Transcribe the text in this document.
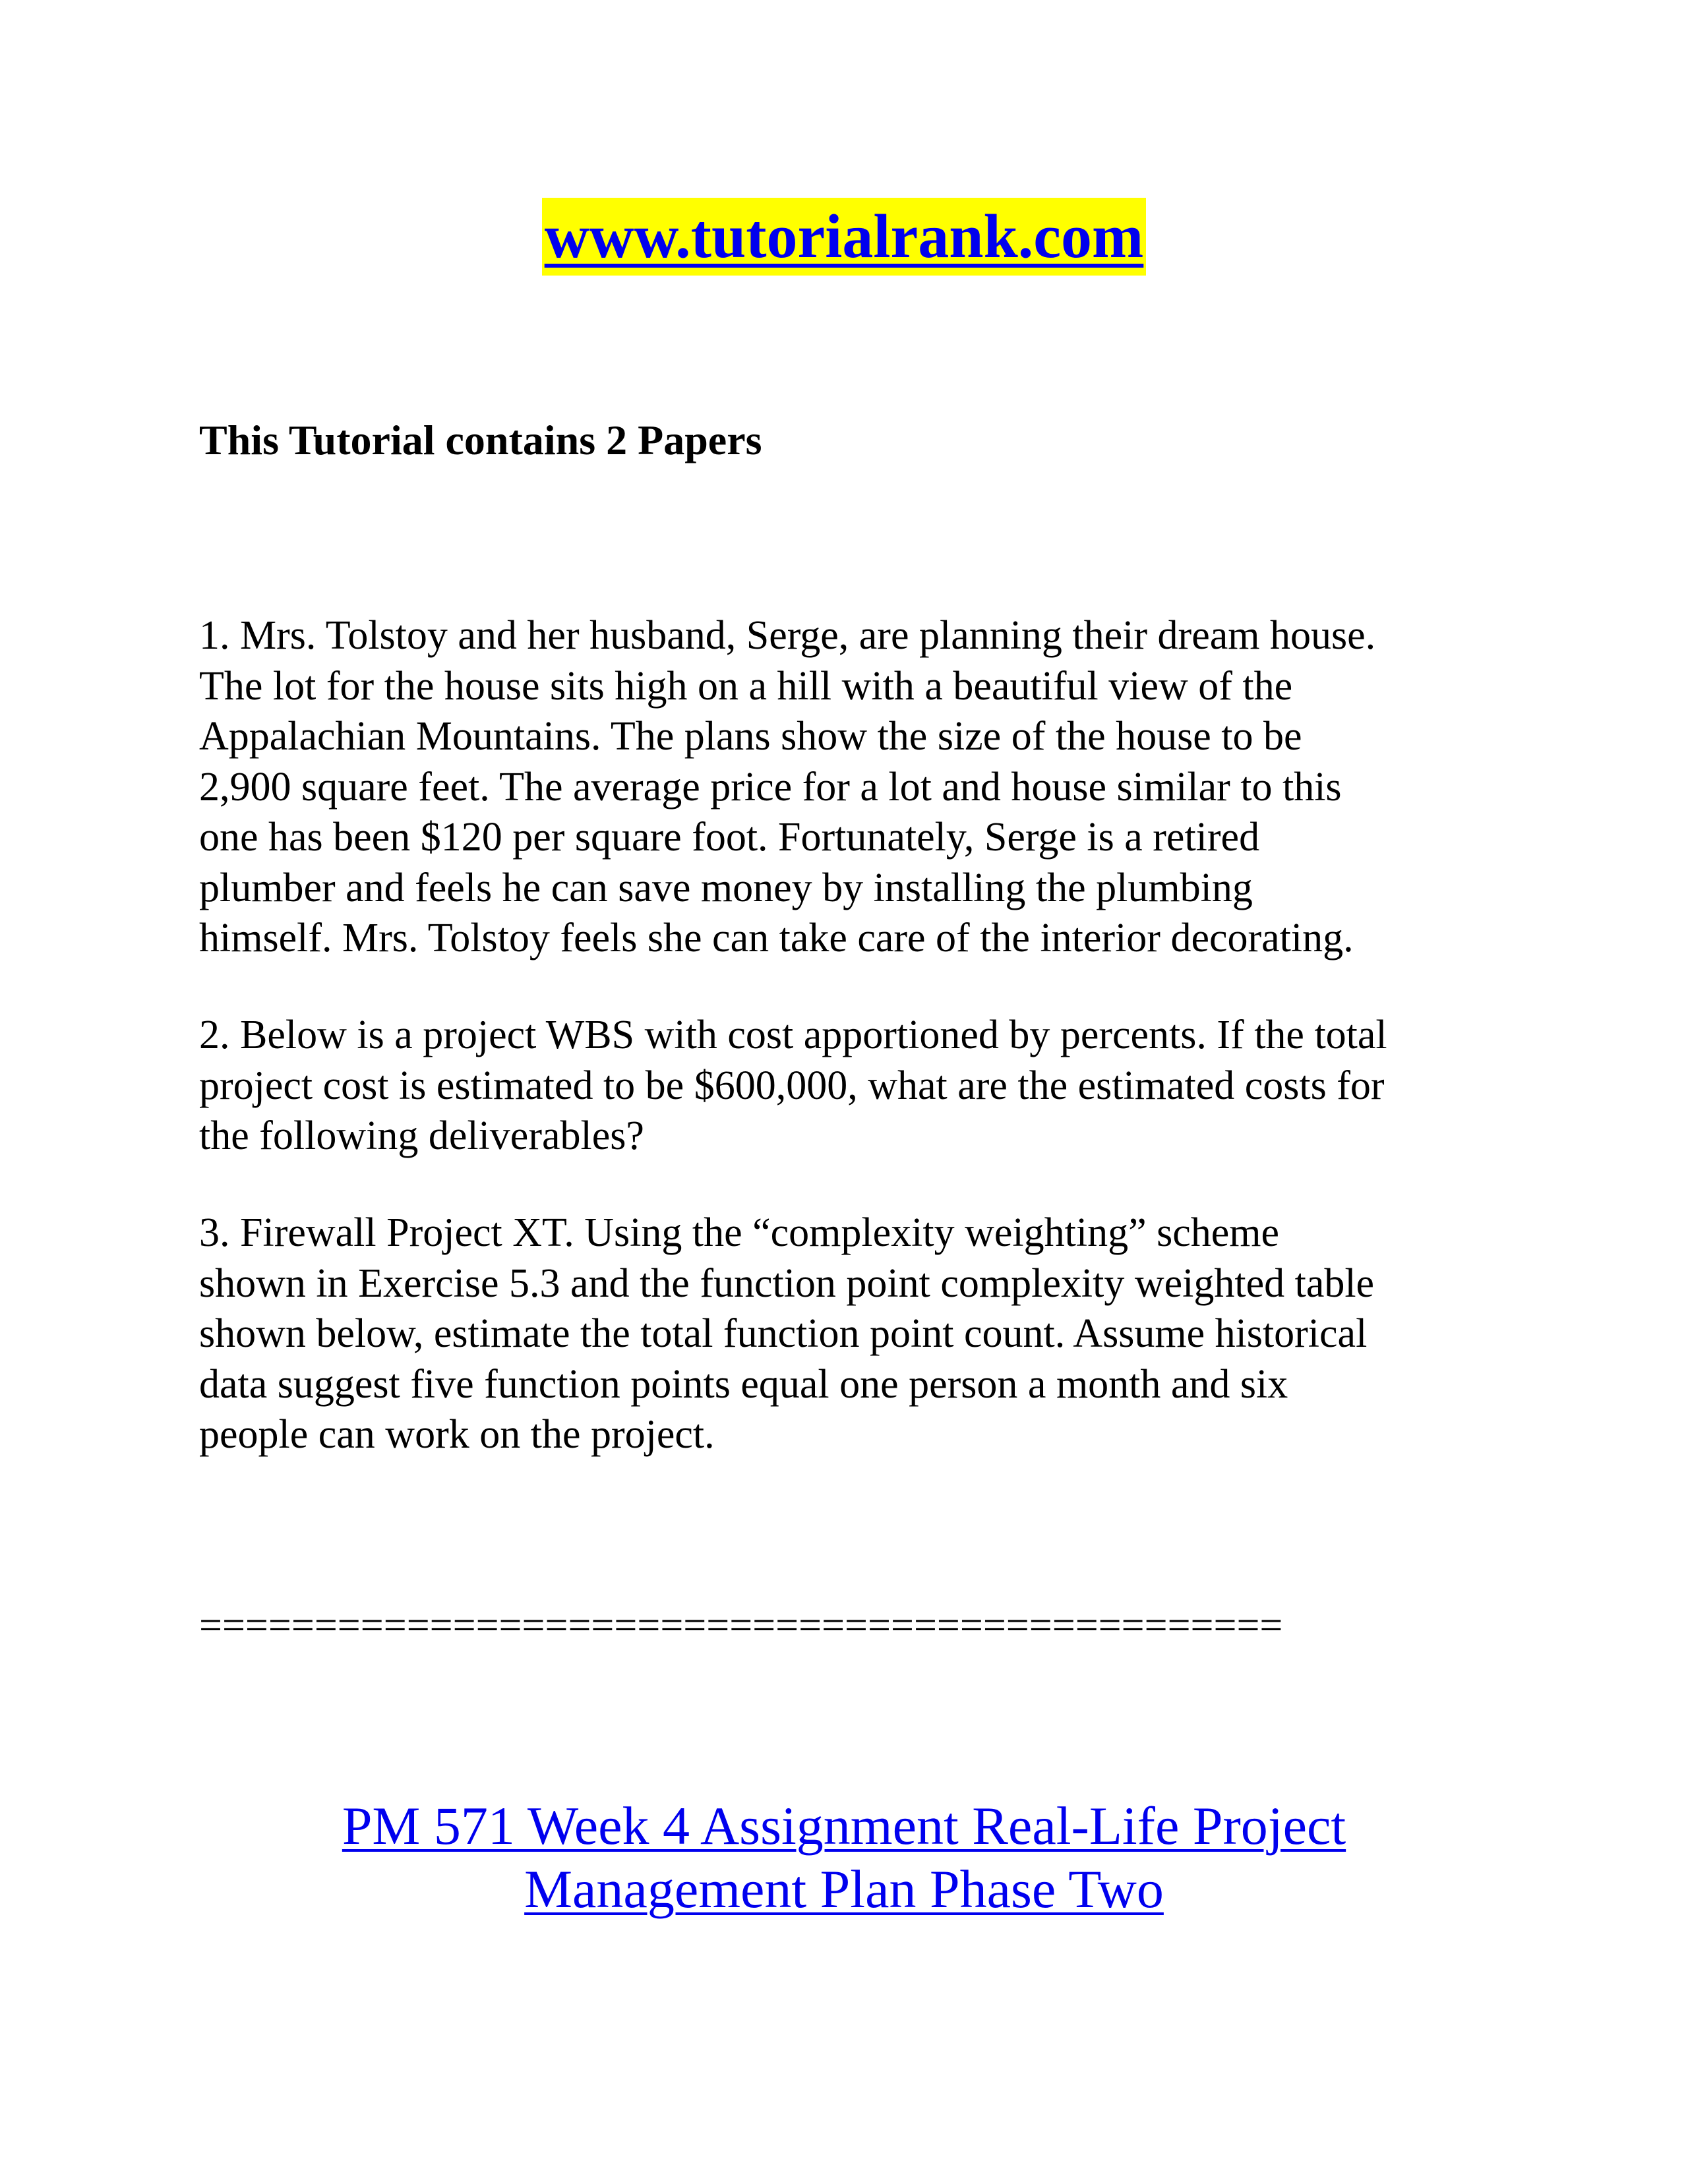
www.tutorialrank.com

This Tutorial contains 2 Papers

1. Mrs. Tolstoy and her husband, Serge, are planning their dream house.
The lot for the house sits high on a hill with a beautiful view of the
Appalachian Mountains. The plans show the size of the house to be
2,900 square feet. The average price for a lot and house similar to this
one has been $120 per square foot. Fortunately, Serge is a retired
plumber and feels he can save money by installing the plumbing
himself. Mrs. Tolstoy feels she can take care of the interior decorating.

2. Below is a project WBS with cost apportioned by percents. If the total
project cost is estimated to be $600,000, what are the estimated costs for
the following deliverables?

3. Firewall Project XT. Using the “complexity weighting” scheme
shown in Exercise 5.3 and the function point complexity weighted table
shown below, estimate the total function point count. Assume historical
data suggest five function points equal one person a month and six
people can work on the project.

===============================================

PM 571 Week 4 Assignment Real-Life Project
Management Plan Phase Two
